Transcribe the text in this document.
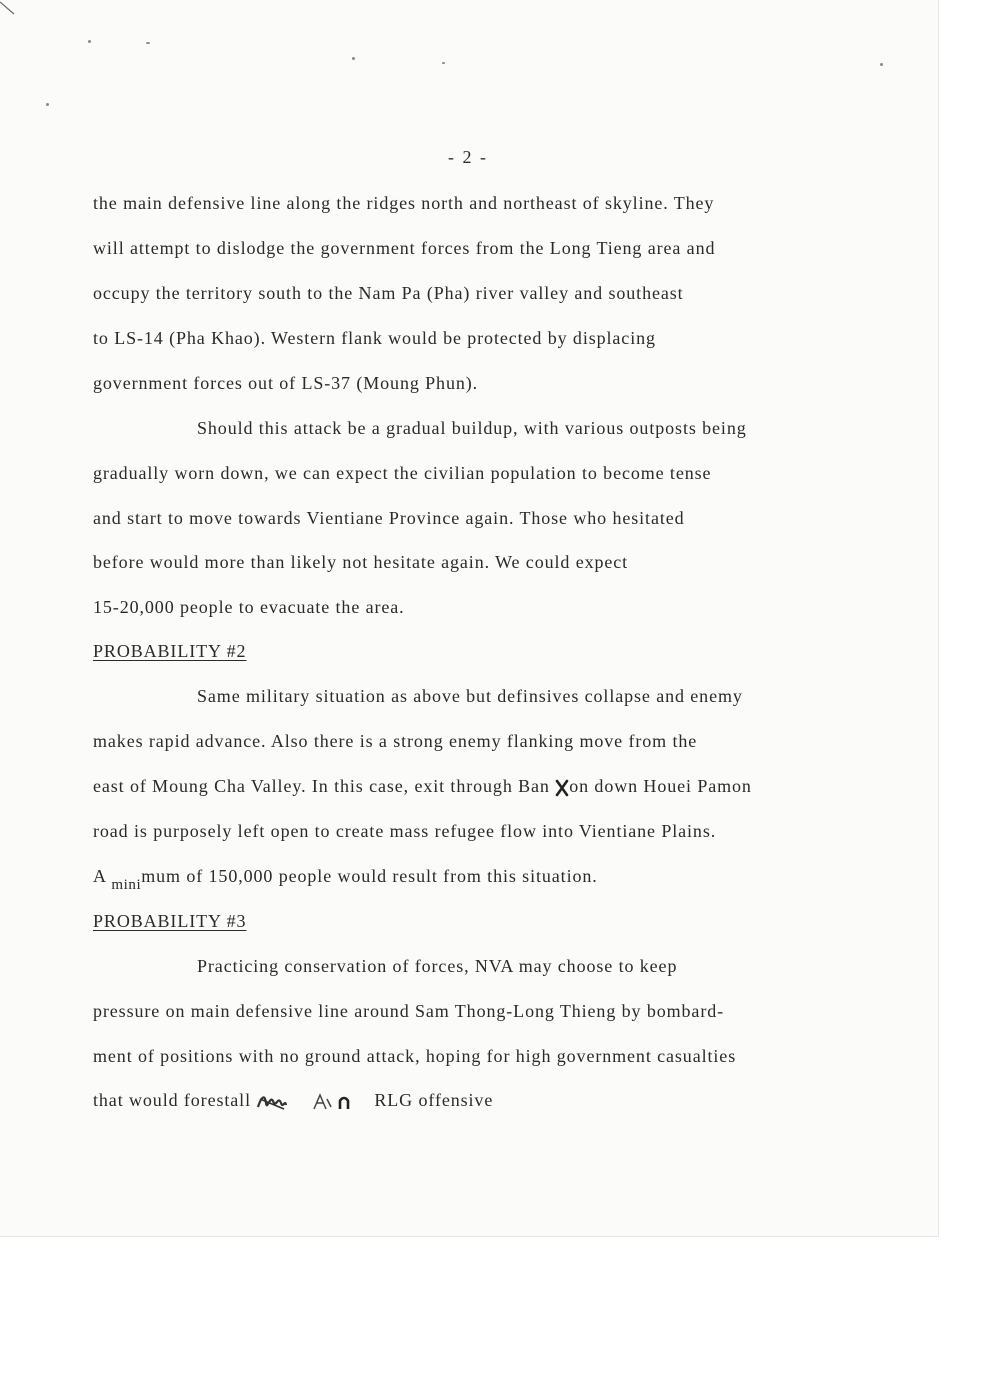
- 2 -
the main defensive line along the ridges north and northeast of skyline. They
will attempt to dislodge the government forces from the Long Tieng area and
occupy the territory south to the Nam Pa (Pha) river valley and southeast
to LS-14 (Pha Khao). Western flank would be protected by displacing
government forces out of LS-37 (Moung Phun).
Should this attack be a gradual buildup, with various outposts being
gradually worn down, we can expect the civilian population to become tense
and start to move towards Vientiane Province again. Those who hesitated
before would more than likely not hesitate again. We could expect
15-20,000 people to evacuate the area.
PROBABILITY #2
Same military situation as above but definsives collapse and enemy
makes rapid advance. Also there is a strong enemy flanking move from the
east of Moung Cha Valley. In this case, exit through Ban on down Houei Pamon
road is purposely left open to create mass refugee flow into Vientiane Plains.
A $_{mini}$mum of 150,000 people would result from this situation.
PROBABILITY #3
Practicing conservation of forces, NVA may choose to keep
pressure on main defensive line around Sam Thong-Long Thieng by bombard-
ment of positions with no ground attack, hoping for high government casualties
that would forestall	RLG offensive
